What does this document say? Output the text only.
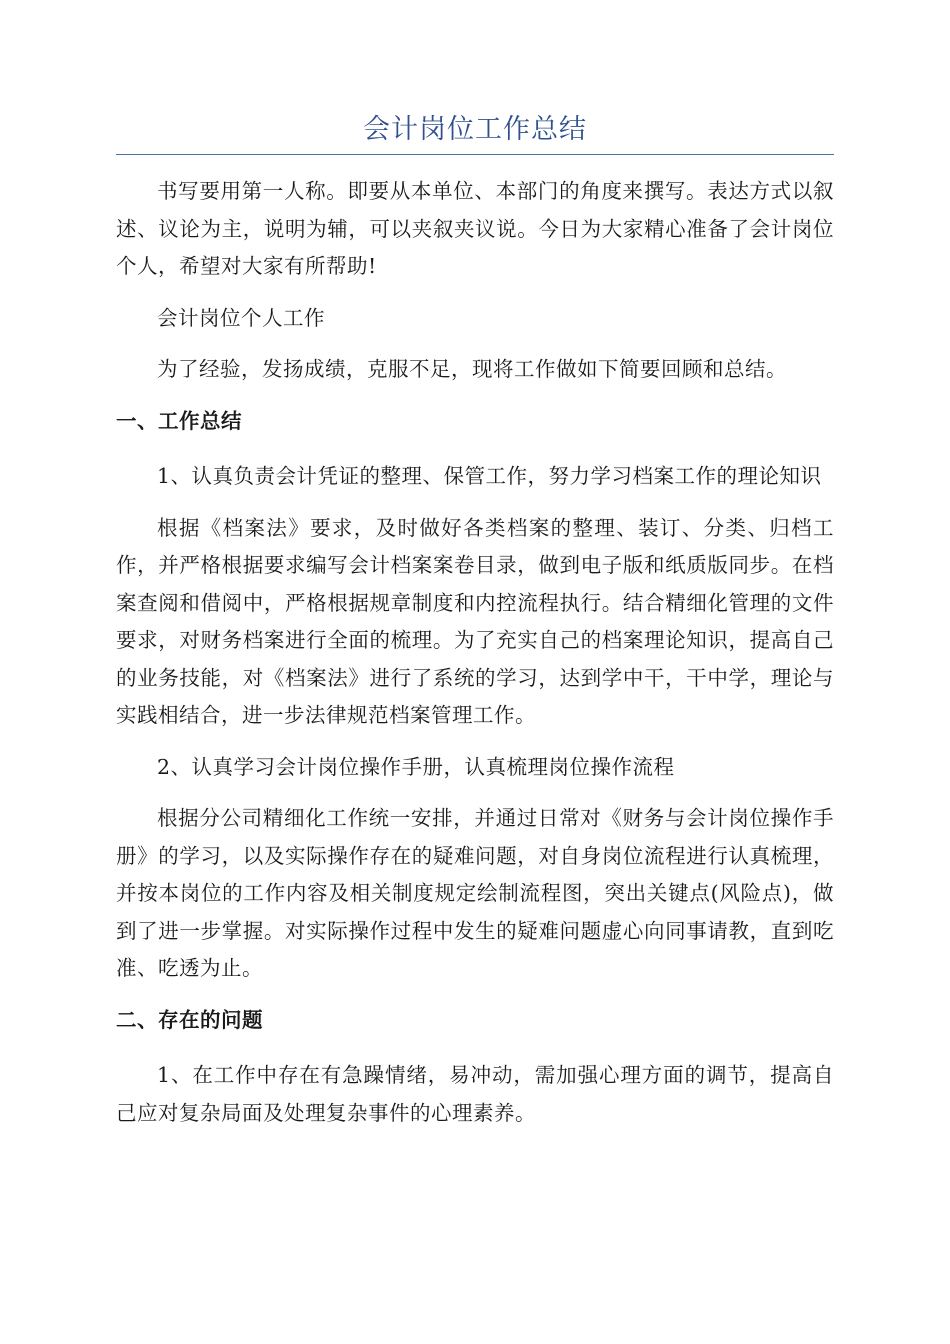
会计岗位工作总结

书写要用第一人称。即要从本单位、本部门的角度来撰写。表达方式以叙述、议论为主，说明为辅，可以夹叙夹议说。今日为大家精心准备了会计岗位个人，希望对大家有所帮助!

会计岗位个人工作

为了经验，发扬成绩，克服不足，现将工作做如下简要回顾和总结。

一、工作总结

1、认真负责会计凭证的整理、保管工作，努力学习档案工作的理论知识

根据《档案法》要求，及时做好各类档案的整理、装订、分类、归档工作，并严格根据要求编写会计档案案卷目录，做到电子版和纸质版同步。在档案查阅和借阅中，严格根据规章制度和内控流程执行。结合精细化管理的文件要求，对财务档案进行全面的梳理。为了充实自己的档案理论知识，提高自己的业务技能，对《档案法》进行了系统的学习，达到学中干，干中学，理论与实践相结合，进一步法律规范档案管理工作。

2、认真学习会计岗位操作手册，认真梳理岗位操作流程

根据分公司精细化工作统一安排，并通过日常对《财务与会计岗位操作手册》的学习，以及实际操作存在的疑难问题，对自身岗位流程进行认真梳理，并按本岗位的工作内容及相关制度规定绘制流程图，突出关键点(风险点)，做到了进一步掌握。对实际操作过程中发生的疑难问题虚心向同事请教，直到吃准、吃透为止。

二、存在的问题

1、在工作中存在有急躁情绪，易冲动，需加强心理方面的调节，提高自己应对复杂局面及处理复杂事件的心理素养。
